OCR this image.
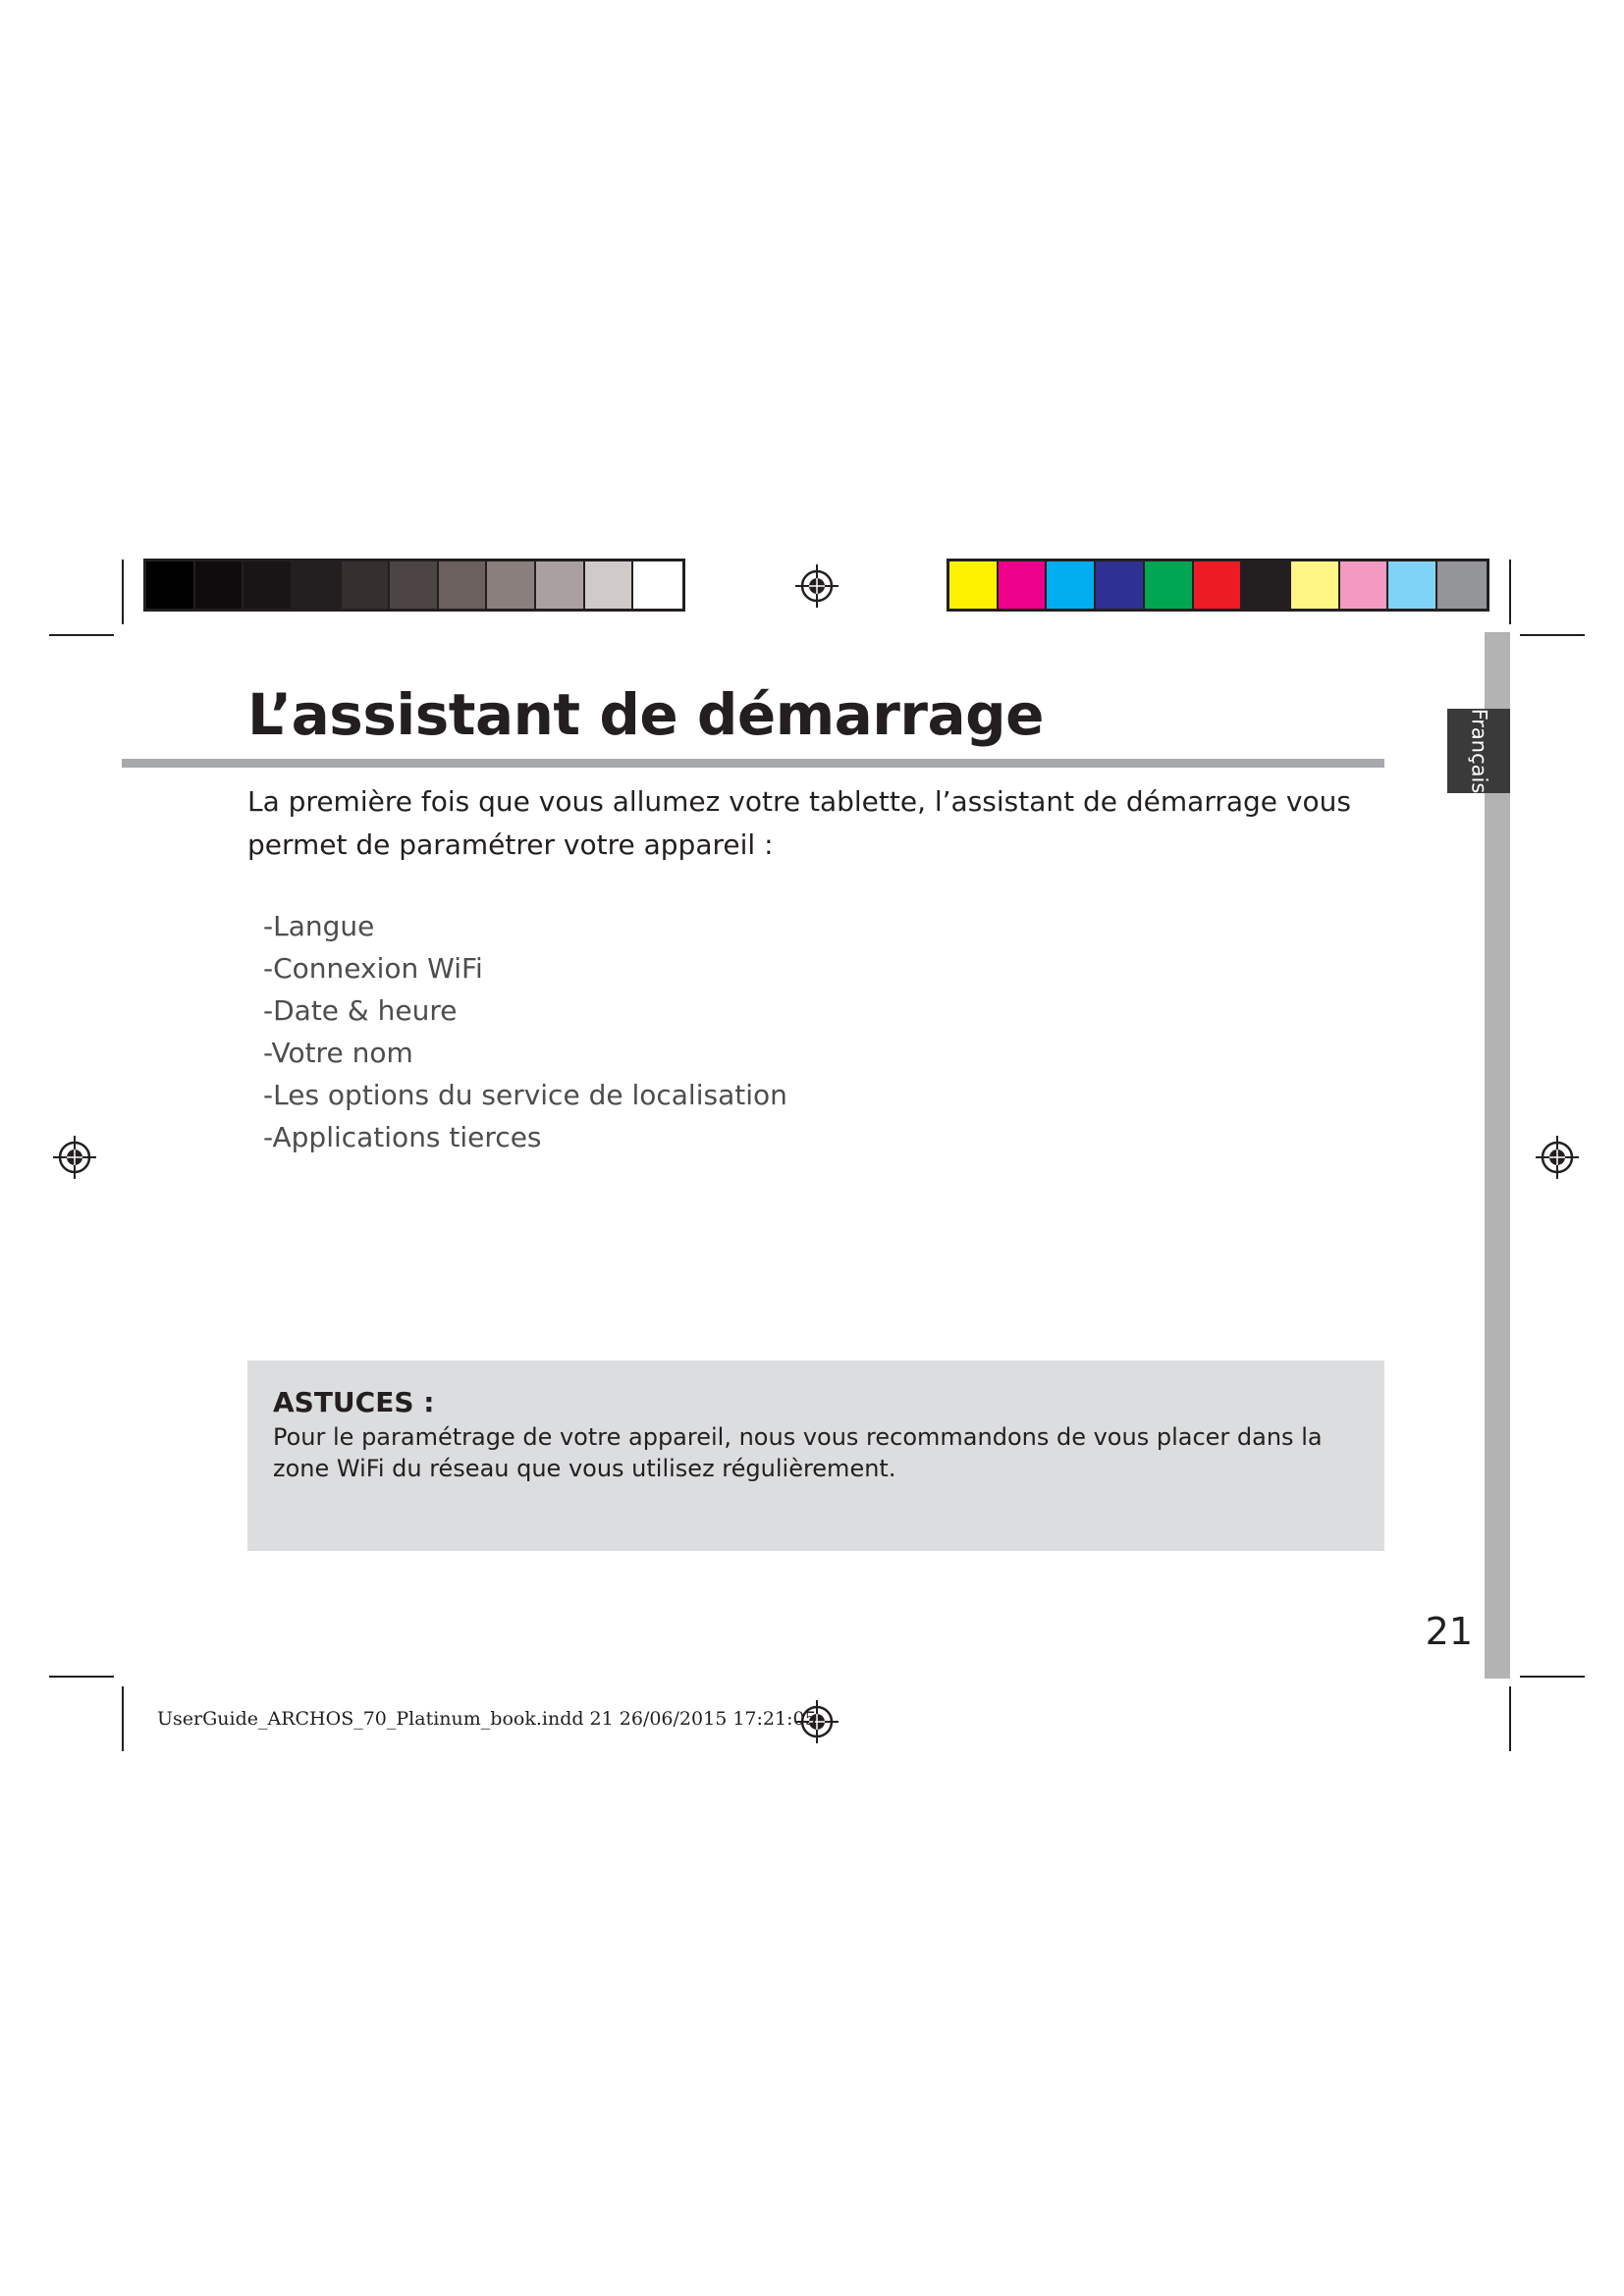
Français
L’assistant de démarrage

La première fois que vous allumez votre tablette, l’assistant de démarrage vous permet de paramétrer votre appareil :

-Langue
-Connexion WiFi
-Date & heure
-Votre nom
-Les options du service de localisation
-Applications tierces
ASTUCES :
Pour le paramétrage de votre appareil, nous vous recommandons de vous placer dans la zone WiFi du réseau que vous utilisez régulièrement.
21
UserGuide_ARCHOS_70_Platinum_book.indd 21 26/06/2015 17:21:05
